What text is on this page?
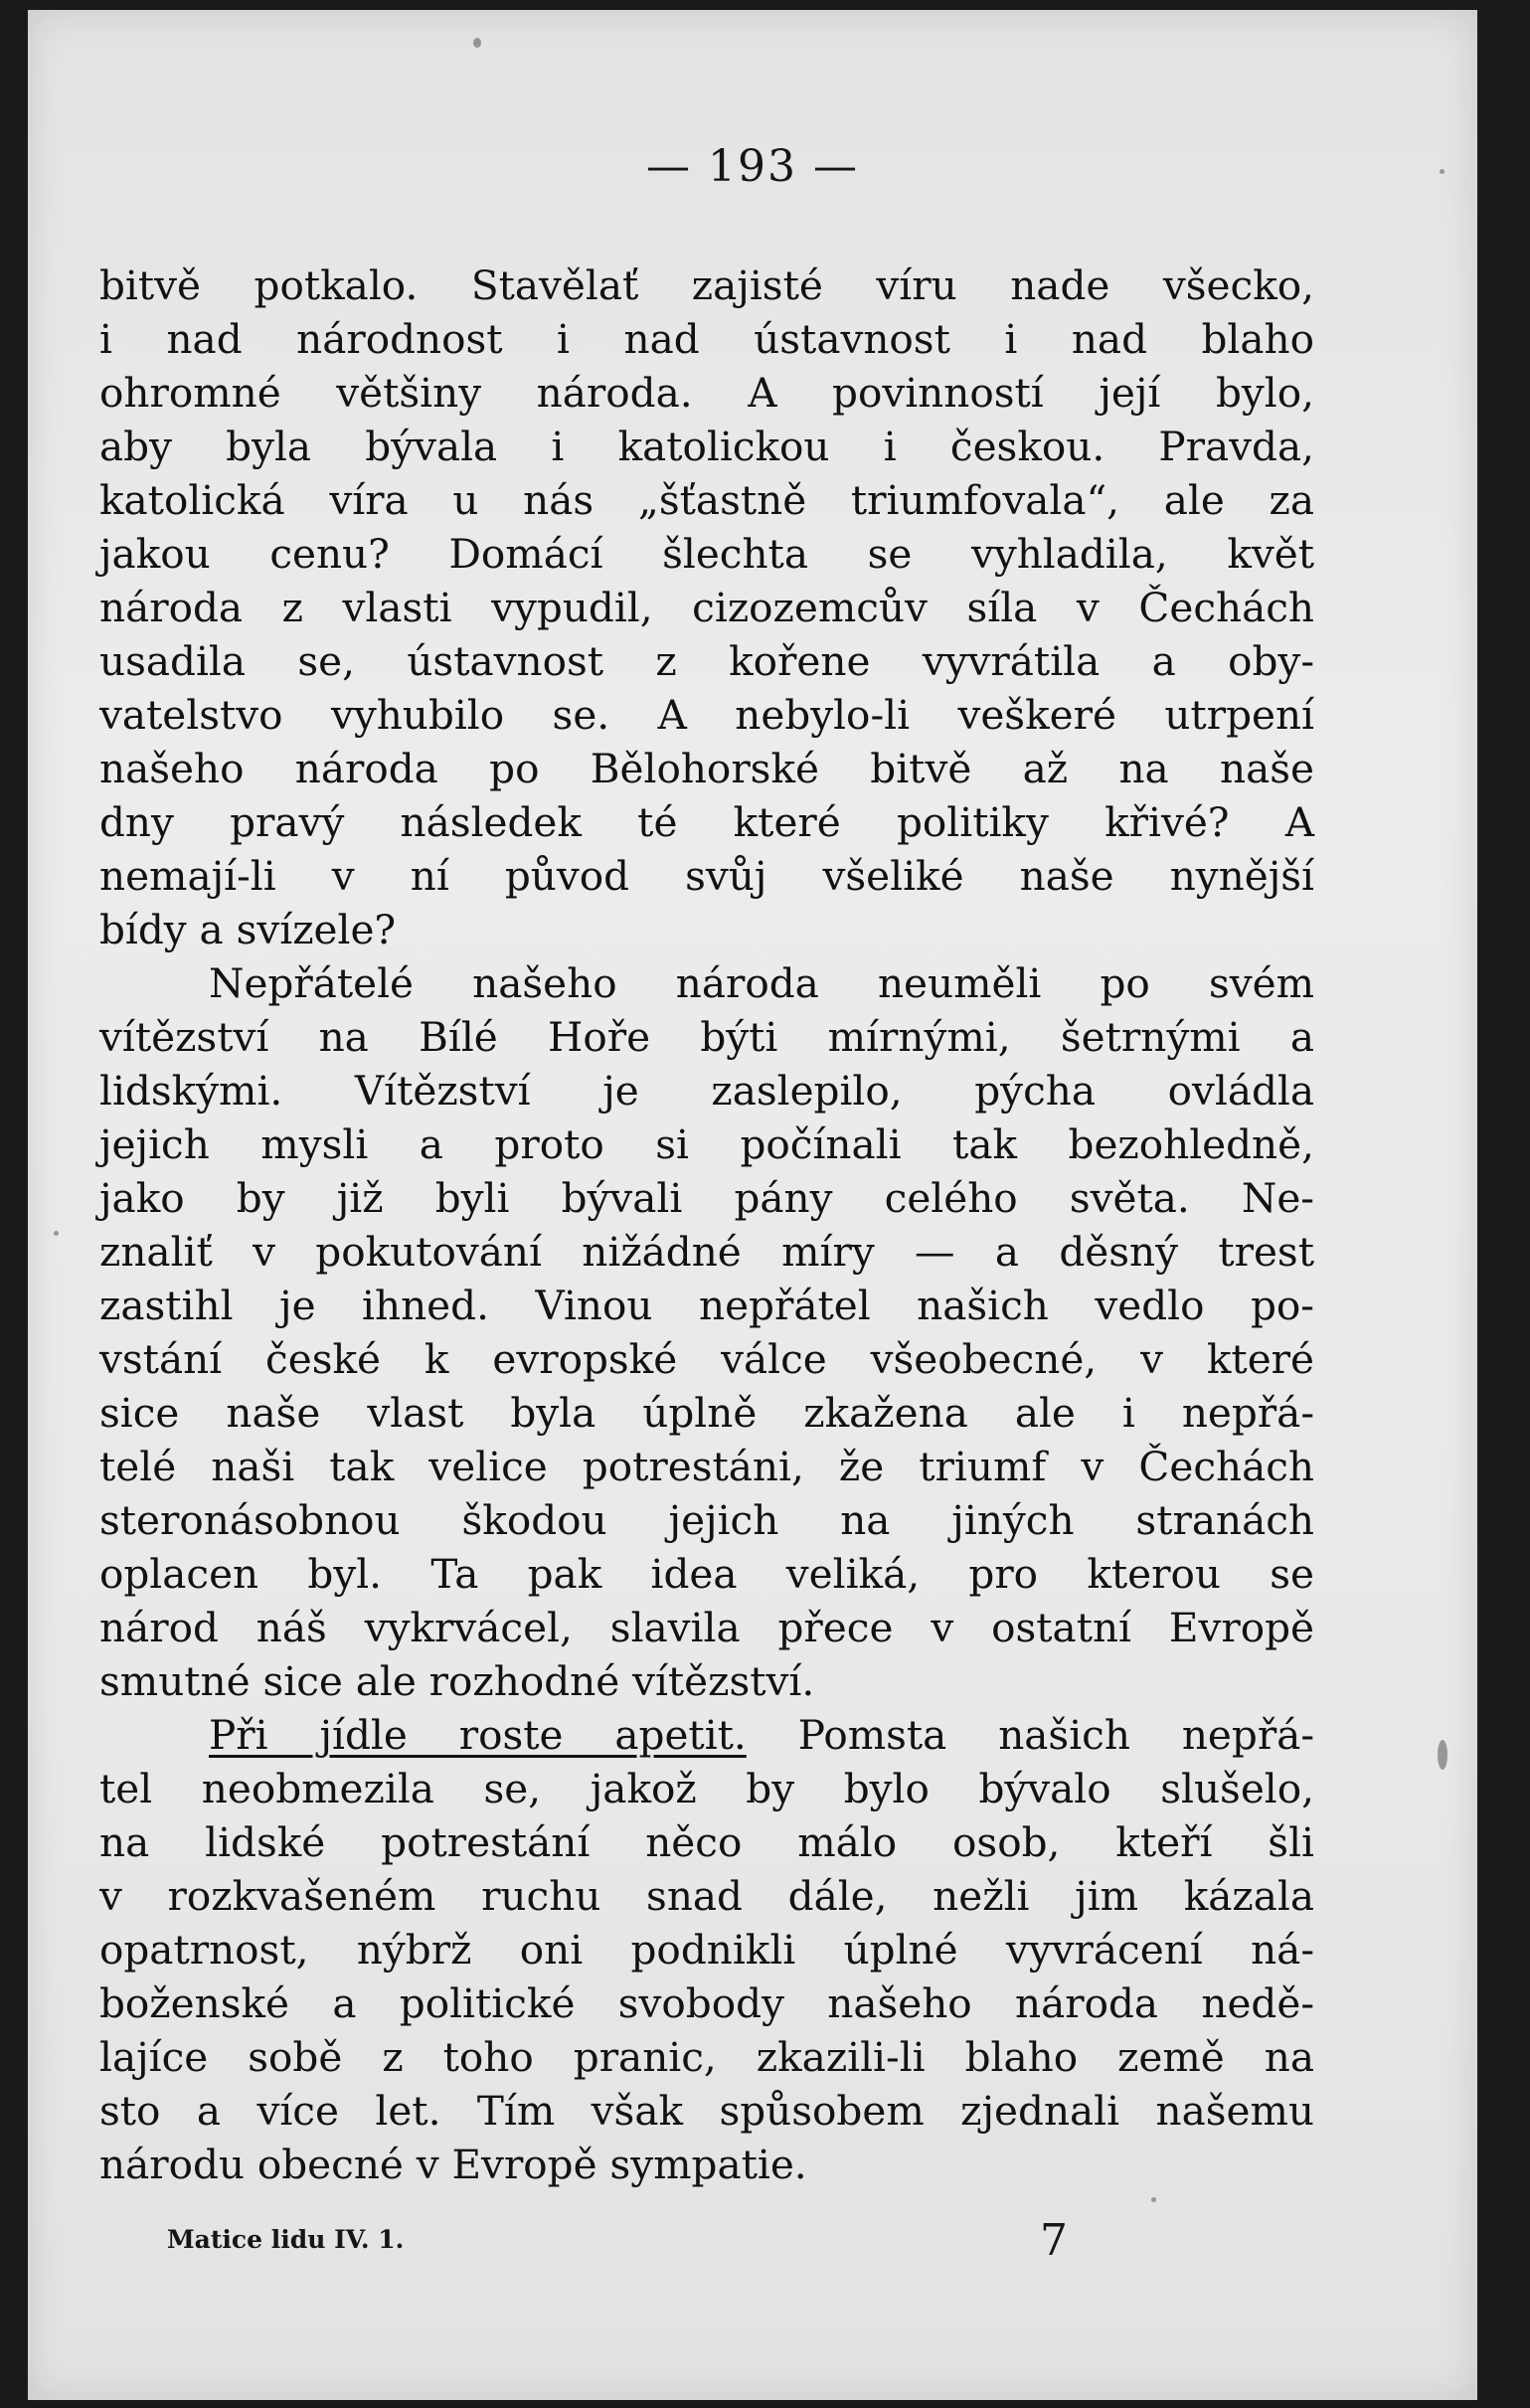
— 193 —
bitvě potkalo. Stavělať zajisté víru nade všecko,
i nad národnost i nad ústavnost i nad blaho
ohromné většiny národa. A povinností její bylo,
aby byla bývala i katolickou i českou. Pravda,
katolická víra u nás „šťastně triumfovala“, ale za
jakou cenu? Domácí šlechta se vyhladila, květ
národa z vlasti vypudil, cizozemcův síla v Čechách
usadila se, ústavnost z kořene vyvrátila a oby-
vatelstvo vyhubilo se. A nebylo-li veškeré utrpení
našeho národa po Bělohorské bitvě až na naše
dny pravý následek té které politiky křivé? A
nemají-li v ní původ svůj všeliké naše nynější
bídy a svízele?
Nepřátelé našeho národa neuměli po svém
vítězství na Bílé Hoře býti mírnými, šetrnými a
lidskými. Vítězství je zaslepilo, pýcha ovládla
jejich mysli a proto si počínali tak bezohledně,
jako by již byli bývali pány celého světa. Ne-
znaliť v pokutování nižádné míry — a děsný trest
zastihl je ihned. Vinou nepřátel našich vedlo po-
vstání české k evropské válce všeobecné, v které
sice naše vlast byla úplně zkažena ale i nepřá-
telé naši tak velice potrestáni, že triumf v Čechách
steronásobnou škodou jejich na jiných stranách
oplacen byl. Ta pak idea veliká, pro kterou se
národ náš vykrvácel, slavila přece v ostatní Evropě
smutné sice ale rozhodné vítězství.
Při jídle roste apetit. Pomsta našich nepřá-
tel neobmezila se, jakož by bylo bývalo slušelo,
na lidské potrestání něco málo osob, kteří šli
v rozkvašeném ruchu snad dále, nežli jim kázala
opatrnost, nýbrž oni podnikli úplné vyvrácení ná-
boženské a politické svobody našeho národa nedě-
lajíce sobě z toho pranic, zkazili-li blaho země na
sto a více let. Tím však spůsobem zjednali našemu
národu obecné v Evropě sympatie.
Matice lidu IV. 1.	7
